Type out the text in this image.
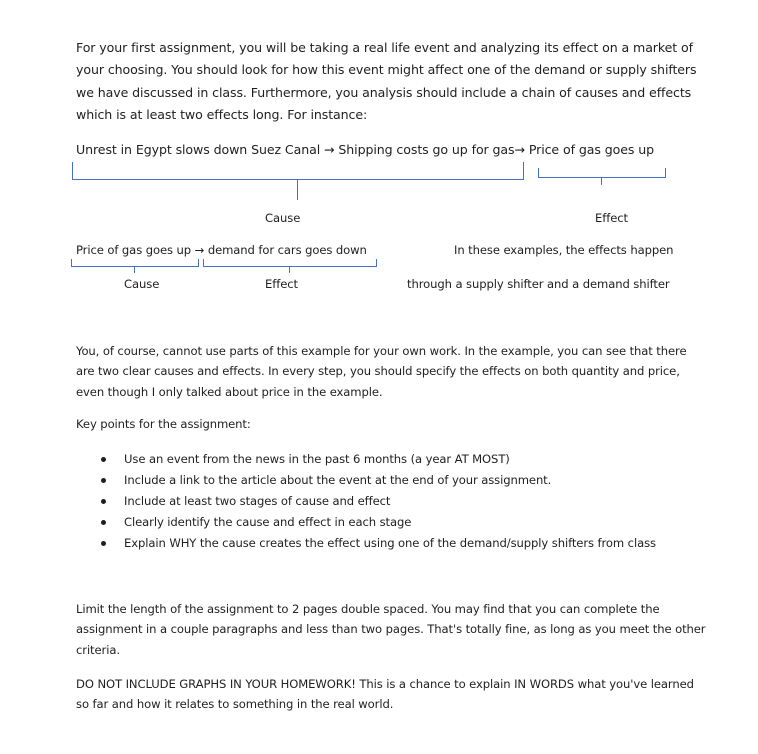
For your first assignment, you will be taking a real life event and analyzing its effect on a market of your choosing. You should look for how this event might affect one of the demand or supply shifters we have discussed in class. Furthermore, you analysis should include a chain of causes and effects which is at least two effects long. For instance:

Unrest in Egypt slows down Suez Canal → Shipping costs go up for gas→ Price of gas goes up

Cause	Effect

Price of gas goes up → demand for cars goes down	In these examples, the effects happen

Cause	Effect	through a supply shifter and a demand shifter

You, of course, cannot use parts of this example for your own work. In the example, you can see that there are two clear causes and effects. In every step, you should specify the effects on both quantity and price, even though I only talked about price in the example.

Key points for the assignment:

Use an event from the news in the past 6 months (a year AT MOST)
Include a link to the article about the event at the end of your assignment.
Include at least two stages of cause and effect
Clearly identify the cause and effect in each stage
Explain WHY the cause creates the effect using one of the demand/supply shifters from class

Limit the length of the assignment to 2 pages double spaced. You may find that you can complete the assignment in a couple paragraphs and less than two pages. That's totally fine, as long as you meet the other criteria.

DO NOT INCLUDE GRAPHS IN YOUR HOMEWORK! This is a chance to explain IN WORDS what you've learned so far and how it relates to something in the real world.
